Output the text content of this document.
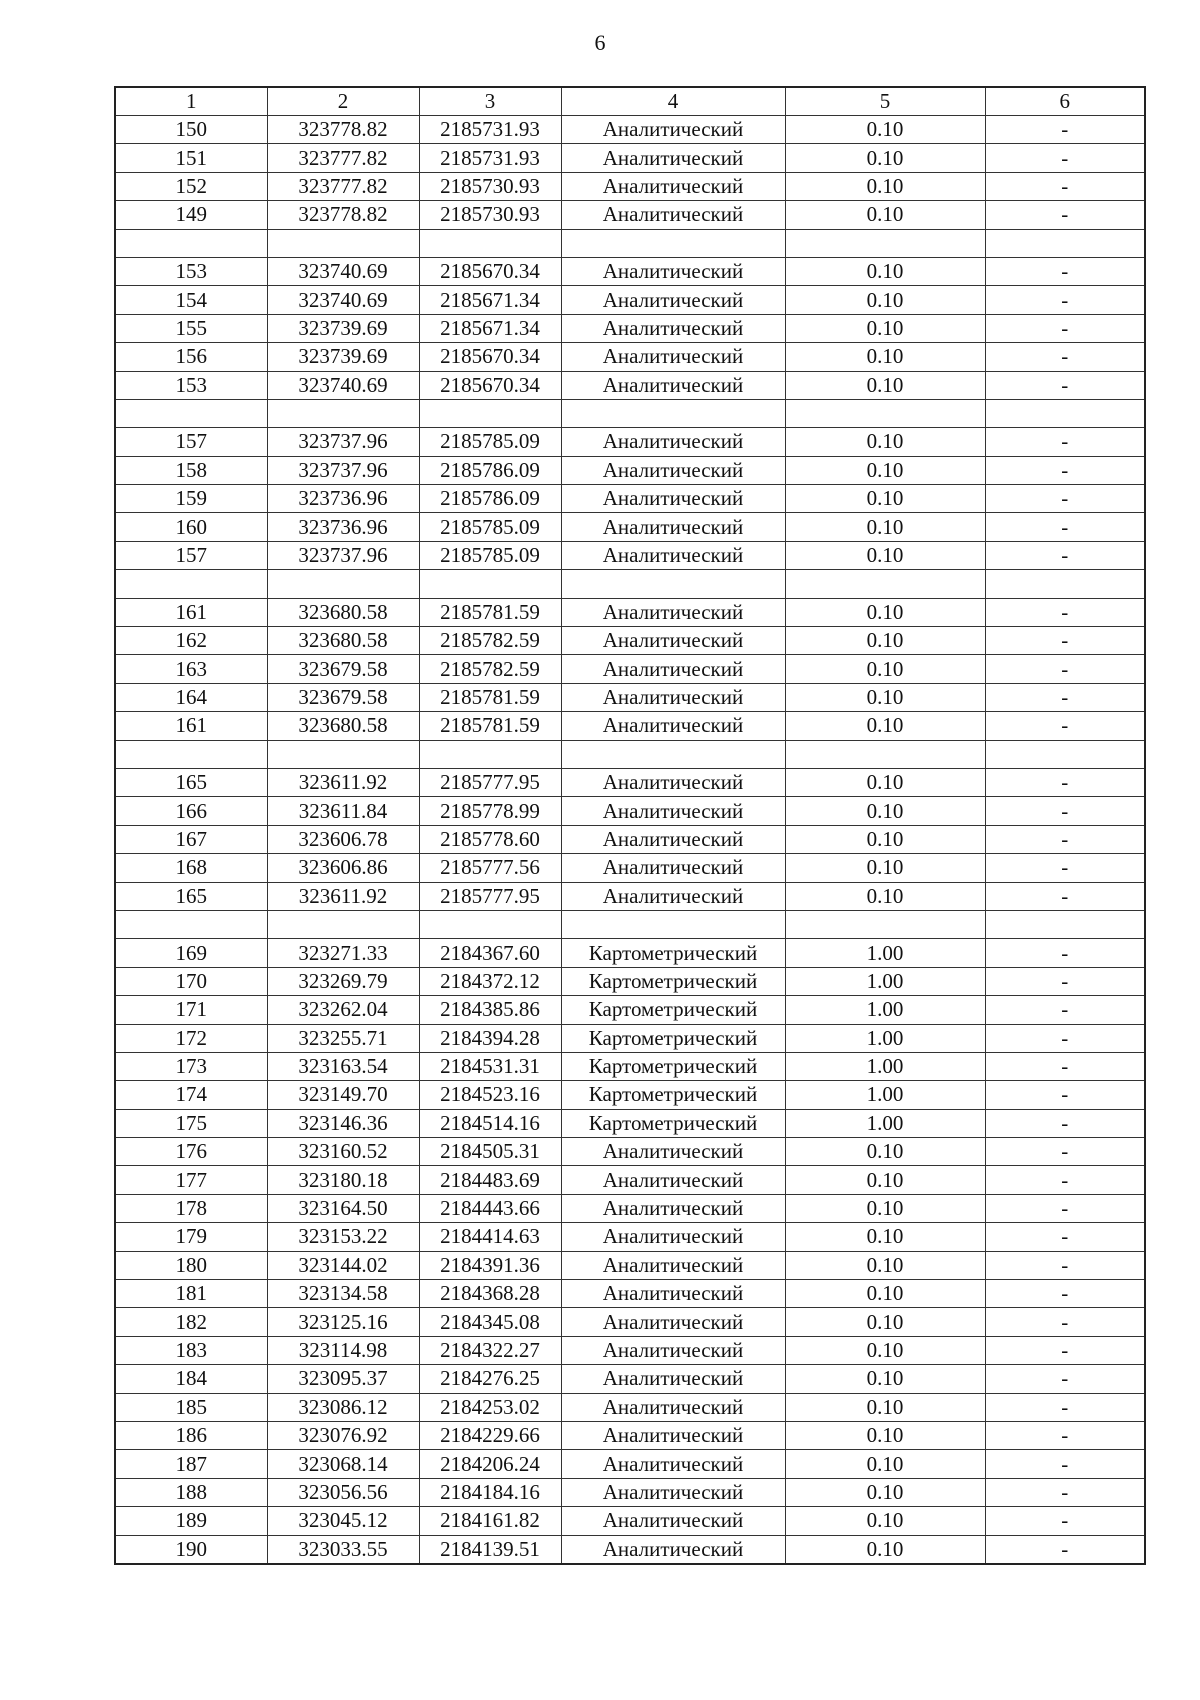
6
1	2	3	4	5	6
150	323778.82	2185731.93	Аналитический	0.10	-
151	323777.82	2185731.93	Аналитический	0.10	-
152	323777.82	2185730.93	Аналитический	0.10	-
149	323778.82	2185730.93	Аналитический	0.10	-

153	323740.69	2185670.34	Аналитический	0.10	-
154	323740.69	2185671.34	Аналитический	0.10	-
155	323739.69	2185671.34	Аналитический	0.10	-
156	323739.69	2185670.34	Аналитический	0.10	-
153	323740.69	2185670.34	Аналитический	0.10	-

157	323737.96	2185785.09	Аналитический	0.10	-
158	323737.96	2185786.09	Аналитический	0.10	-
159	323736.96	2185786.09	Аналитический	0.10	-
160	323736.96	2185785.09	Аналитический	0.10	-
157	323737.96	2185785.09	Аналитический	0.10	-

161	323680.58	2185781.59	Аналитический	0.10	-
162	323680.58	2185782.59	Аналитический	0.10	-
163	323679.58	2185782.59	Аналитический	0.10	-
164	323679.58	2185781.59	Аналитический	0.10	-
161	323680.58	2185781.59	Аналитический	0.10	-

165	323611.92	2185777.95	Аналитический	0.10	-
166	323611.84	2185778.99	Аналитический	0.10	-
167	323606.78	2185778.60	Аналитический	0.10	-
168	323606.86	2185777.56	Аналитический	0.10	-
165	323611.92	2185777.95	Аналитический	0.10	-

169	323271.33	2184367.60	Картометрический	1.00	-
170	323269.79	2184372.12	Картометрический	1.00	-
171	323262.04	2184385.86	Картометрический	1.00	-
172	323255.71	2184394.28	Картометрический	1.00	-
173	323163.54	2184531.31	Картометрический	1.00	-
174	323149.70	2184523.16	Картометрический	1.00	-
175	323146.36	2184514.16	Картометрический	1.00	-
176	323160.52	2184505.31	Аналитический	0.10	-
177	323180.18	2184483.69	Аналитический	0.10	-
178	323164.50	2184443.66	Аналитический	0.10	-
179	323153.22	2184414.63	Аналитический	0.10	-
180	323144.02	2184391.36	Аналитический	0.10	-
181	323134.58	2184368.28	Аналитический	0.10	-
182	323125.16	2184345.08	Аналитический	0.10	-
183	323114.98	2184322.27	Аналитический	0.10	-
184	323095.37	2184276.25	Аналитический	0.10	-
185	323086.12	2184253.02	Аналитический	0.10	-
186	323076.92	2184229.66	Аналитический	0.10	-
187	323068.14	2184206.24	Аналитический	0.10	-
188	323056.56	2184184.16	Аналитический	0.10	-
189	323045.12	2184161.82	Аналитический	0.10	-
190	323033.55	2184139.51	Аналитический	0.10	-
